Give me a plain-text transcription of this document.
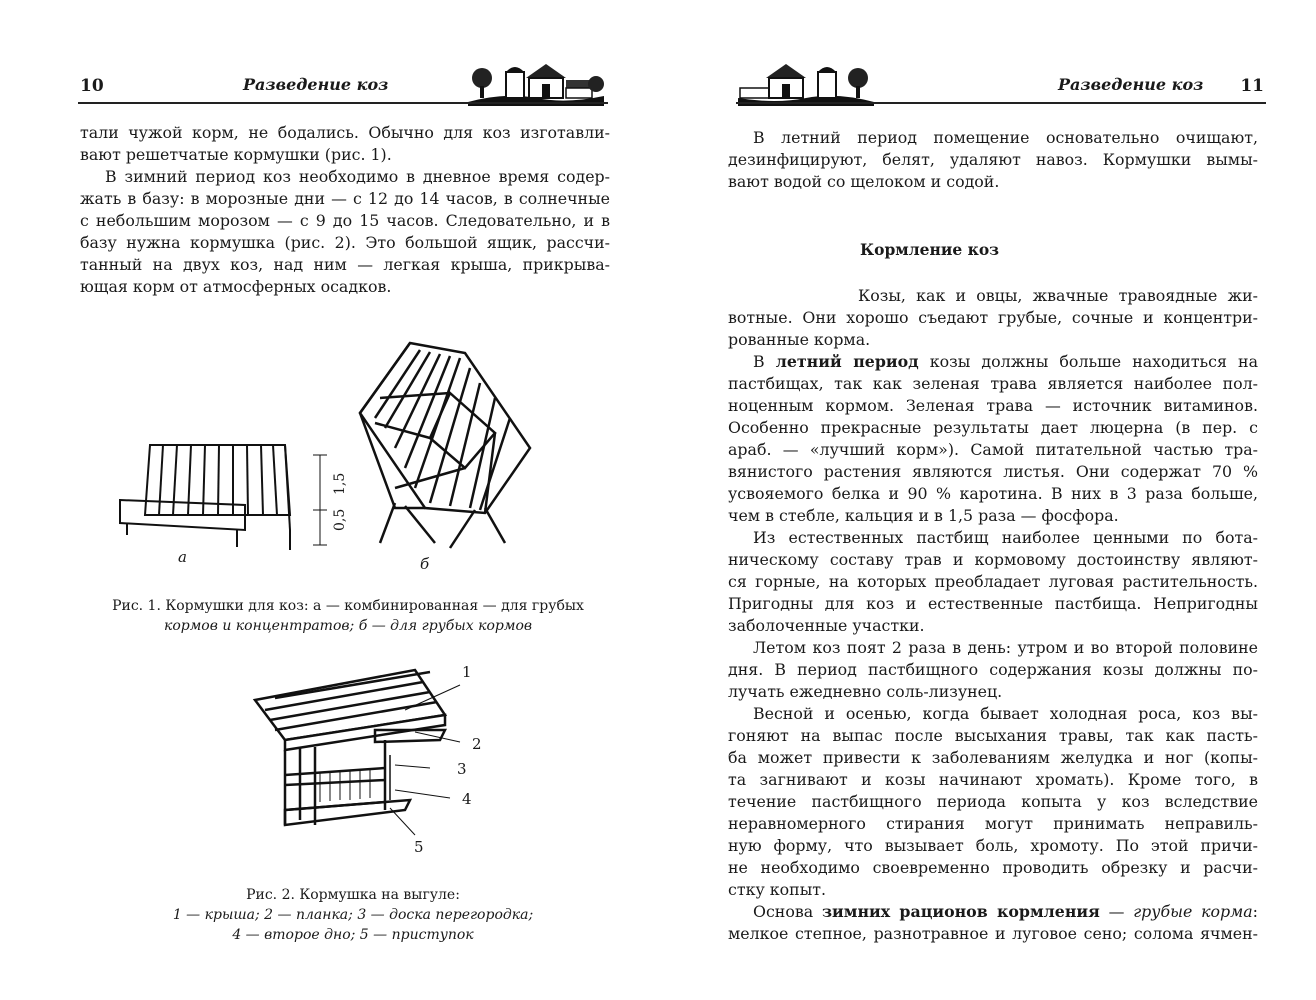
10	Разведение коз
тали чужой корм, не бодались. Обычно для коз изготавли-
вают решетчатые кормушки (рис. 1).
В зимний период коз необходимо в дневное время содер-
жать в базу: в морозные дни — с 12 до 14 часов, в солнечные
с небольшим морозом — с 9 до 15 часов. Следовательно, и в
базу нужна кормушка (рис. 2). Это большой ящик, рассчи-
танный на двух коз, над ним — легкая крыша, прикрыва-
ющая корм от атмосферных осадков.
0,5
1,5
а	б
Рис. 1. Кормушки для коз: а — комбинированная — для грубых
кормов и концентратов; б — для грубых кормов
1
2
3
4
5
Рис. 2. Кормушка на выгуле:
1 — крыша; 2 — планка; 3 — доска перегородка;
4 — второе дно; 5 — приступок
Разведение коз 11
В летний период помещение основательно очищают,
дезинфицируют, белят, удаляют навоз. Кормушки вымы-
вают водой со щелоком и содой.
Кормление коз
Козы, как и овцы, жвачные травоядные жи-
вотные. Они хорошо съедают грубые, сочные и концентри-
рованные корма.
В летний период козы должны больше находиться на
пастбищах, так как зеленая трава является наиболее пол-
ноценным кормом. Зеленая трава — источник витаминов.
Особенно прекрасные результаты дает люцерна (в пер. с
араб. — «лучший корм»). Самой питательной частью тра-
вянистого растения являются листья. Они содержат 70 %
усвояемого белка и 90 % каротина. В них в 3 раза больше,
чем в стебле, кальция и в 1,5 раза — фосфора.
Из естественных пастбищ наиболее ценными по бота-
ническому составу трав и кормовому достоинству являют-
ся горные, на которых преобладает луговая растительность.
Пригодны для коз и естественные пастбища. Непригодны
заболоченные участки.
Летом коз поят 2 раза в день: утром и во второй половине
дня. В период пастбищного содержания козы должны по-
лучать ежедневно соль-лизунец.
Весной и осенью, когда бывает холодная роса, коз вы-
гоняют на выпас после высыхания травы, так как пасть-
ба может привести к заболеваниям желудка и ног (копы-
та загнивают и козы начинают хромать). Кроме того, в
течение пастбищного периода копыта у коз вследствие
неравномерного стирания могут принимать неправиль-
ную форму, что вызывает боль, хромоту. По этой причи-
не необходимо своевременно проводить обрезку и расчи-
стку копыт.
Основа зимних рационов кормления — грубые корма:
мелкое степное, разнотравное и луговое сено; солома ячмен-
